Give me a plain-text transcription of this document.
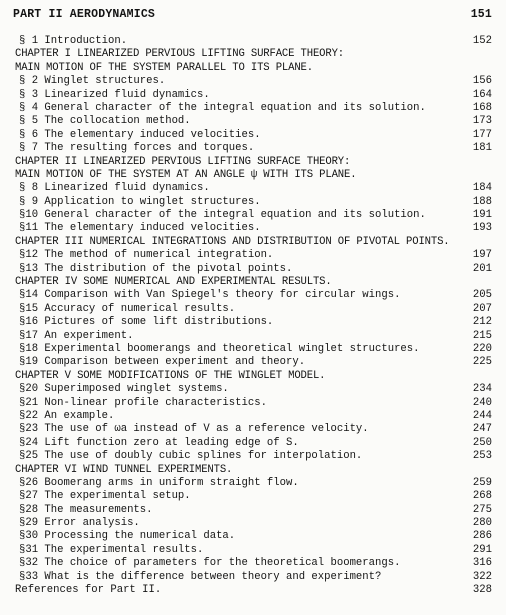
PART II AERODYNAMICS	151
§ 1 Introduction.	152
CHAPTER I LINEARIZED PERVIOUS LIFTING SURFACE THEORY:
MAIN MOTION OF THE SYSTEM PARALLEL TO ITS PLANE.
§ 2 Winglet structures.	156
§ 3 Linearized fluid dynamics.	164
§ 4 General character of the integral equation and its solution.	168
§ 5 The collocation method.	173
§ 6 The elementary induced velocities.	177
§ 7 The resulting forces and torques.	181
CHAPTER II LINEARIZED PERVIOUS LIFTING SURFACE THEORY:
MAIN MOTION OF THE SYSTEM AT AN ANGLE ψ WITH ITS PLANE.
§ 8 Linearized fluid dynamics.	184
§ 9 Application to winglet structures.	188
§10 General character of the integral equation and its solution.	191
§11 The elementary induced velocities.	193
CHAPTER III NUMERICAL INTEGRATIONS AND DISTRIBUTION OF PIVOTAL POINTS.
§12 The method of numerical integration.	197
§13 The distribution of the pivotal points.	201
CHAPTER IV SOME NUMERICAL AND EXPERIMENTAL RESULTS.
§14 Comparison with Van Spiegel's theory for circular wings.	205
§15 Accuracy of numerical results.	207
§16 Pictures of some lift distributions.	212
§17 An experiment.	215
§18 Experimental boomerangs and theoretical winglet structures.	220
§19 Comparison between experiment and theory.	225
CHAPTER V SOME MODIFICATIONS OF THE WINGLET MODEL.
§20 Superimposed winglet systems.	234
§21 Non-linear profile characteristics.	240
§22 An example.	244
§23 The use of ωa instead of V as a reference velocity.	247
§24 Lift function zero at leading edge of S.	250
§25 The use of doubly cubic splines for interpolation.	253
CHAPTER VI WIND TUNNEL EXPERIMENTS.
§26 Boomerang arms in uniform straight flow.	259
§27 The experimental setup.	268
§28 The measurements.	275
§29 Error analysis.	280
§30 Processing the numerical data.	286
§31 The experimental results.	291
§32 The choice of parameters for the theoretical boomerangs.	316
§33 What is the difference between theory and experiment?	322
References for Part II.	328
